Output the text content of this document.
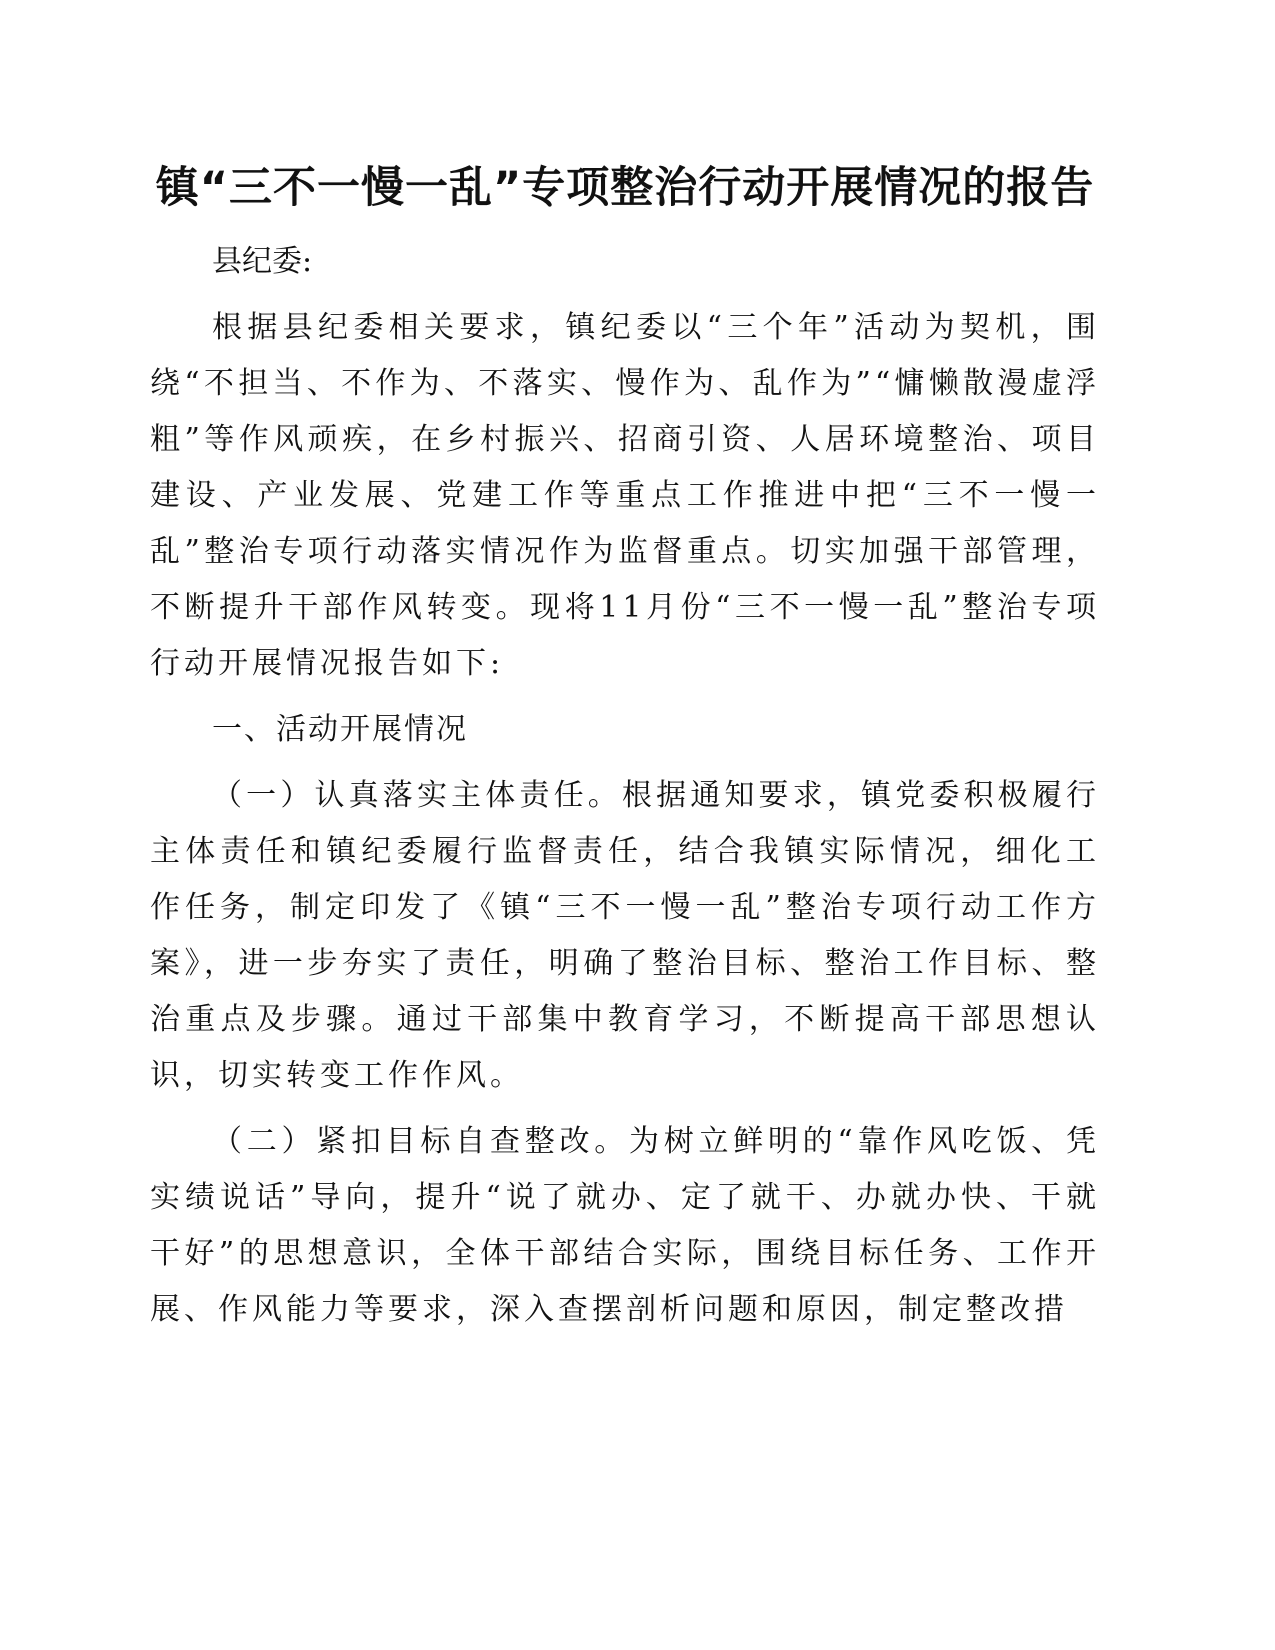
镇“三不一慢一乱”专项整治行动开展情况的报告
县纪委:
根据县纪委相关要求，镇纪委以“三个年”活动为契机，围绕“不担当、不作为、不落实、慢作为、乱作为”“慵懒散漫虚浮粗”等作风顽疾，在乡村振兴、招商引资、人居环境整治、项目建设、产业发展、党建工作等重点工作推进中把“三不一慢一乱”整治专项行动落实情况作为监督重点。切实加强干部管理，不断提升干部作风转变。现将11月份“三不一慢一乱”整治专项行动开展情况报告如下:
一、活动开展情况
（一）认真落实主体责任。根据通知要求，镇党委积极履行主体责任和镇纪委履行监督责任，结合我镇实际情况，细化工作任务，制定印发了《镇“三不一慢一乱”整治专项行动工作方案》，进一步夯实了责任，明确了整治目标、整治工作目标、整治重点及步骤。通过干部集中教育学习，不断提高干部思想认识，切实转变工作作风。
（二）紧扣目标自查整改。为树立鲜明的“靠作风吃饭、凭实绩说话”导向，提升“说了就办、定了就干、办就办快、干就干好”的思想意识，全体干部结合实际，围绕目标任务、工作开展、作风能力等要求，深入查摆剖析问题和原因，制定整改措
